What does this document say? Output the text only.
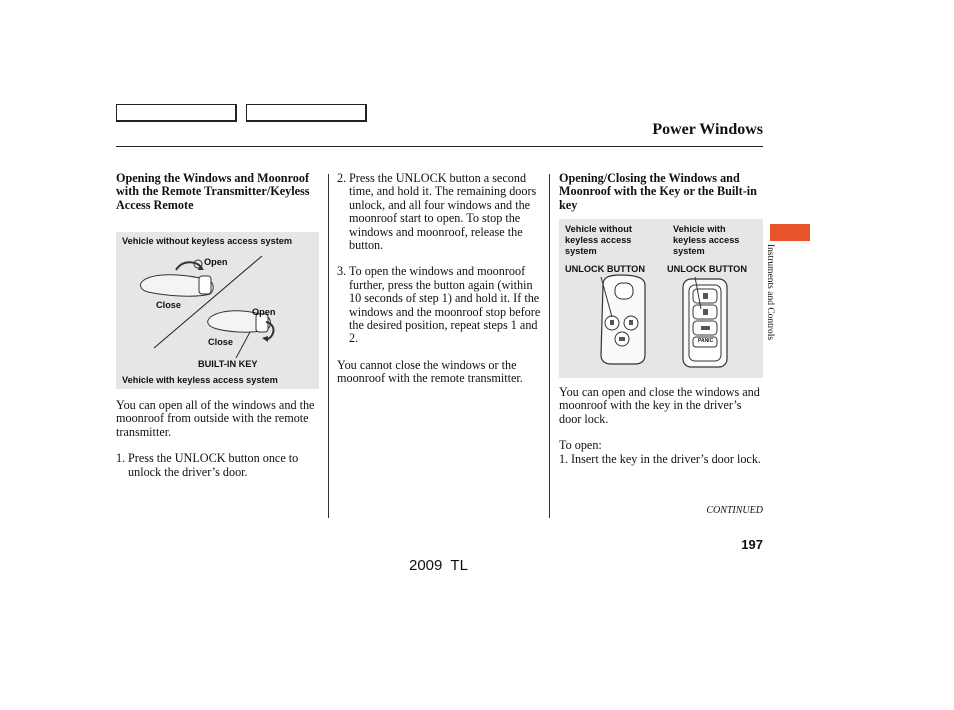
Power Windows

Opening the Windows and Moonroof with the Remote Transmitter/Keyless Access Remote

Vehicle without keyless access system
Open
Close
Open
Close
BUILT-IN KEY
Vehicle with keyless access system

You can open all of the windows and the moonroof from outside with the remote transmitter.

1. Press the UNLOCK button once to unlock the driver’s door.
2. Press the UNLOCK button a second time, and hold it. The remaining doors unlock, and all four windows and the moonroof start to open. To stop the windows and moonroof, release the button.
3. To open the windows and moonroof further, press the button again (within 10 seconds of step 1) and hold it. If the windows and the moonroof stop before the desired position, repeat steps 1 and 2.

You cannot close the windows or the moonroof with the remote transmitter.

Opening/Closing the Windows and Moonroof with the Key or the Built-in key

Vehicle without keyless access system
Vehicle with keyless access system
UNLOCK BUTTON UNLOCK BUTTON
PANIC

You can open and close the windows and moonroof with the key in the driver’s door lock.

To open:

1. Insert the key in the driver’s door lock.
CONTINUED
Instruments and Controls
197
2009  TL
